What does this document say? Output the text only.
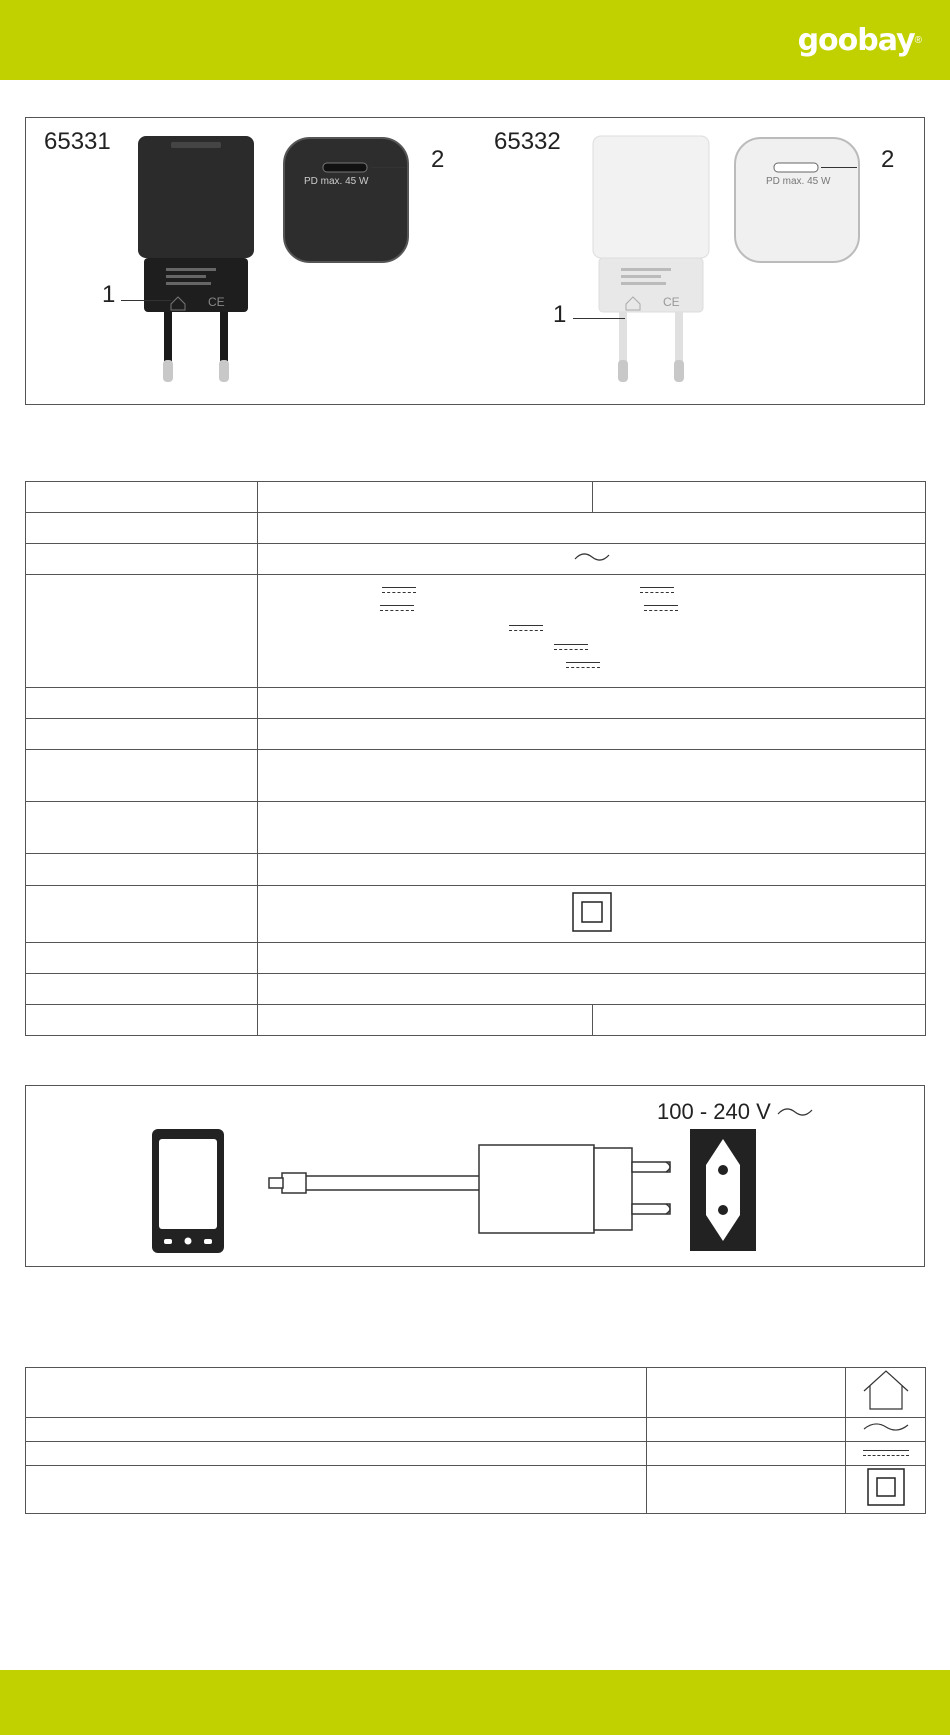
goobay ®
65331
CE
PD max. 45 W
2
1
65332
CE
PD max. 45 W
2
1

100 - 240 V
